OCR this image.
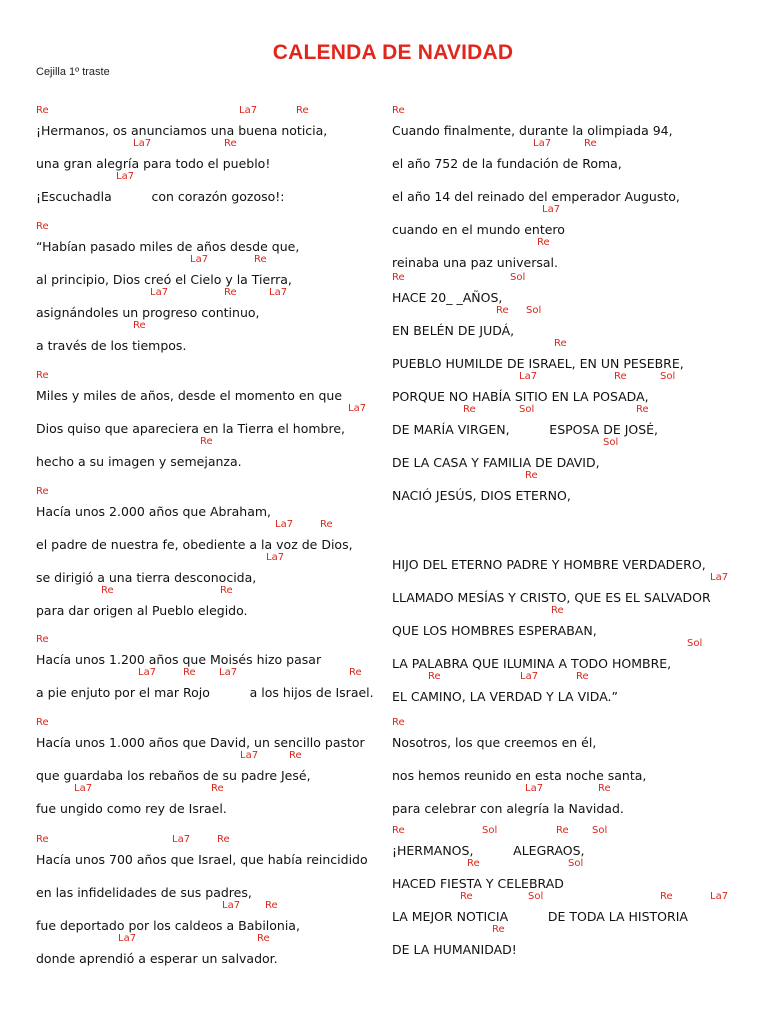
CALENDA DE NAVIDAD
Cejilla 1º traste
Re	La7	Re
¡Hermanos, os anunciamos una buena noticia,
La7	Re
una gran alegría para todo el pueblo!
La7
¡Escuchadla          con corazón gozoso!:
Re
“Habían pasado miles de años desde que,
La7	Re
al principio, Dios creó el Cielo y la Tierra,
La7	Re	La7
asignándoles un progreso continuo,
Re
a través de los tiempos.
Re
Miles y miles de años, desde el momento en que
La7
Dios quiso que apareciera en la Tierra el hombre,
Re
hecho a su imagen y semejanza.
Re
Hacía unos 2.000 años que Abraham,
La7	Re
el padre de nuestra fe, obediente a la voz de Dios,
La7
se dirigió a una tierra desconocida,
Re	Re
para dar origen al Pueblo elegido.
Re
Hacía unos 1.200 años que Moisés hizo pasar
La7	Re La7	Re
a pie enjuto por el mar Rojo          a los hijos de Israel.
Re
Hacía unos 1.000 años que David, un sencillo pastor
La7	Re
que guardaba los rebaños de su padre Jesé,
La7	Re
fue ungido como rey de Israel.
Re	La7	Re
Hacía unos 700 años que Israel, que había reincidido
en las infidelidades de sus padres,
La7 Re
fue deportado por los caldeos a Babilonia,
La7	Re
donde aprendió a esperar un salvador.
Re
Cuando finalmente, durante la olimpiada 94,
La7	Re
el año 752 de la fundación de Roma,
el año 14 del reinado del emperador Augusto,
La7
cuando en el mundo entero
Re
reinaba una paz universal.
Re	Sol
HACE 20_ _AÑOS,
Re Sol
EN BELÉN DE JUDÁ,
Re
PUEBLO HUMILDE DE ISRAEL, EN UN PESEBRE,
La7	Re	Sol
PORQUE NO HABÍA SITIO EN LA POSADA,
Re	Sol	Re
DE MARÍA VIRGEN,          ESPOSA DE JOSÉ,
Sol
DE LA CASA Y FAMILIA DE DAVID,
Re
NACIÓ JESÚS, DIOS ETERNO,
HIJO DEL ETERNO PADRE Y HOMBRE VERDADERO,
La7
LLAMADO MESÍAS Y CRISTO, QUE ES EL SALVADOR
Re
QUE LOS HOMBRES ESPERABAN,
Sol
LA PALABRA QUE ILUMINA A TODO HOMBRE,
Re	La7	Re
EL CAMINO, LA VERDAD Y LA VIDA.”
Re
Nosotros, los que creemos en él,
nos hemos reunido en esta noche santa,
La7	Re
para celebrar con alegría la Navidad.
Re	Sol	Re Sol
¡HERMANOS,          ALEGRAOS,
Re	Sol
HACED FIESTA Y CELEBRAD
Re	Sol	Re	La7
LA MEJOR NOTICIA          DE TODA LA HISTORIA
Re
DE LA HUMANIDAD!
